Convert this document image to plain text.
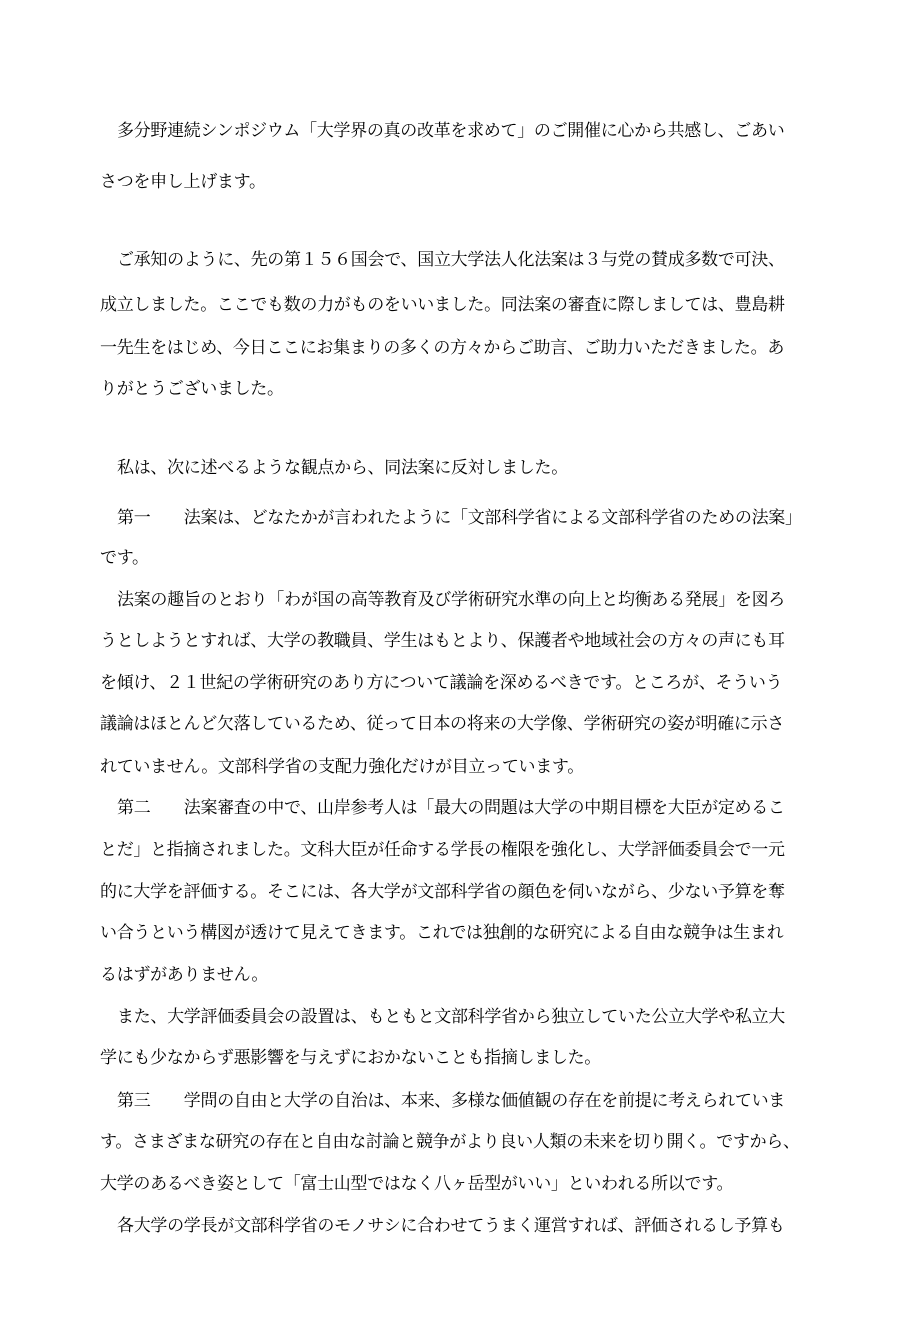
多分野連続シンポジウム「大学界の真の改革を求めて」のご開催に心から共感し、ごあい
さつを申し上げます。
ご承知のように、先の第１５６国会で、国立大学法人化法案は３与党の賛成多数で可決、
成立しました。ここでも数の力がものをいいました。同法案の審査に際しましては、豊島耕
一先生をはじめ、今日ここにお集まりの多くの方々からご助言、ご助力いただきました。あ
りがとうございました。
私は、次に述べるような観点から、同法案に反対しました。
第一　　法案は、どなたかが言われたように「文部科学省による文部科学省のための法案」
です。
法案の趣旨のとおり「わが国の高等教育及び学術研究水準の向上と均衡ある発展」を図ろ
うとしようとすれば、大学の教職員、学生はもとより、保護者や地域社会の方々の声にも耳
を傾け、２１世紀の学術研究のあり方について議論を深めるべきです。ところが、そういう
議論はほとんど欠落しているため、従って日本の将来の大学像、学術研究の姿が明確に示さ
れていません。文部科学省の支配力強化だけが目立っています。
第二　　法案審査の中で、山岸参考人は「最大の問題は大学の中期目標を大臣が定めるこ
とだ」と指摘されました。文科大臣が任命する学長の権限を強化し、大学評価委員会で一元
的に大学を評価する。そこには、各大学が文部科学省の顔色を伺いながら、少ない予算を奪
い合うという構図が透けて見えてきます。これでは独創的な研究による自由な競争は生まれ
るはずがありません。
また、大学評価委員会の設置は、もともと文部科学省から独立していた公立大学や私立大
学にも少なからず悪影響を与えずにおかないことも指摘しました。
第三　　学問の自由と大学の自治は、本来、多様な価値観の存在を前提に考えられていま
す。さまざまな研究の存在と自由な討論と競争がより良い人類の未来を切り開く。ですから、
大学のあるべき姿として「富士山型ではなく八ヶ岳型がいい」といわれる所以です。
各大学の学長が文部科学省のモノサシに合わせてうまく運営すれば、評価されるし予算も
